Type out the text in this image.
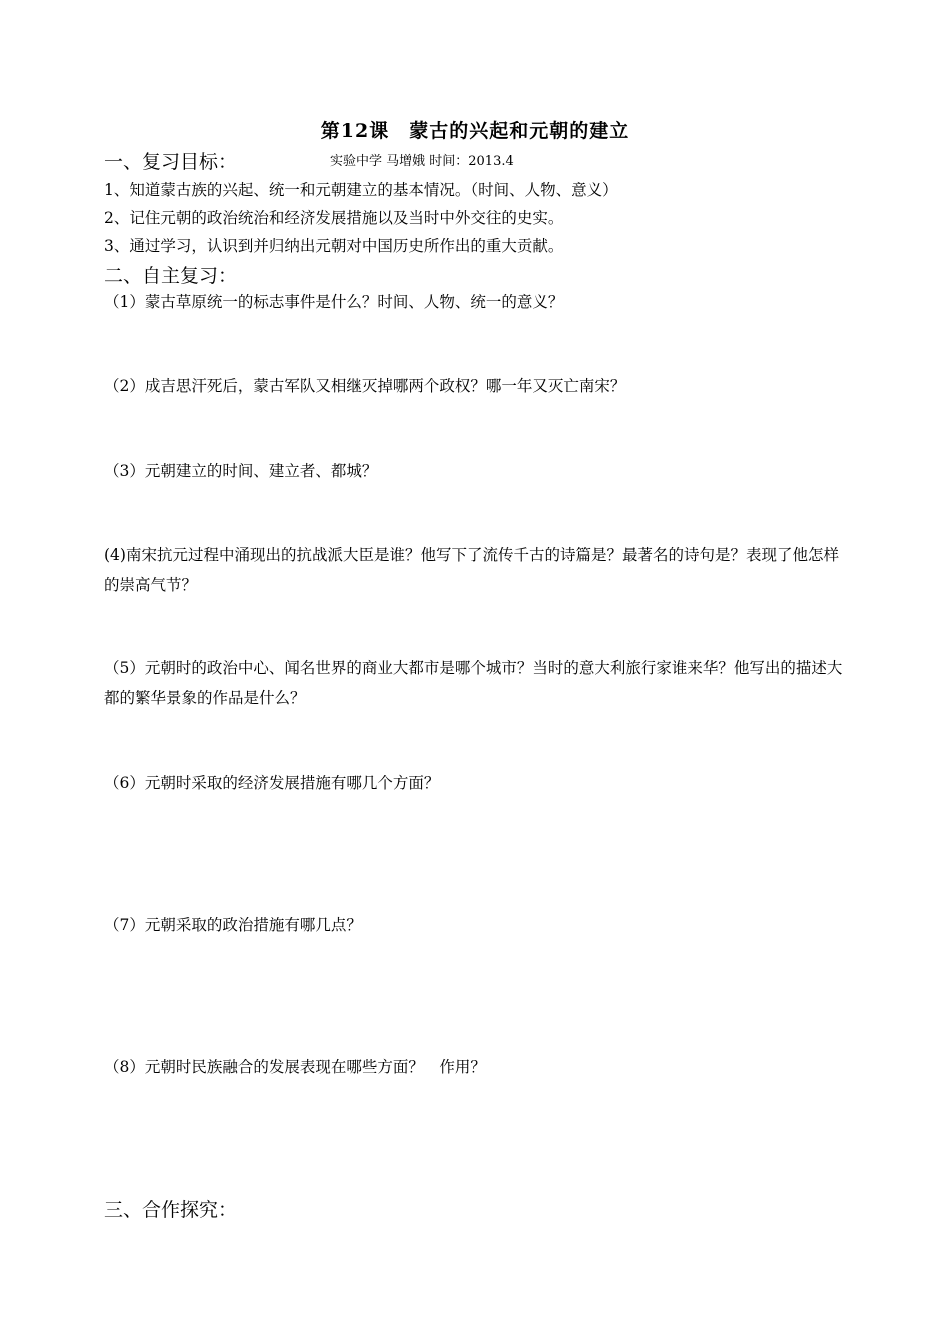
第12课　蒙古的兴起和元朝的建立
一、复习目标：	实验中学 马增娥 时间：2013.4
1、知道蒙古族的兴起、统一和元朝建立的基本情况。（时间、人物、意义）
2、记住元朝的政治统治和经济发展措施以及当时中外交往的史实。
3、通过学习，认识到并归纳出元朝对中国历史所作出的重大贡献。
二、自主复习：
（1）蒙古草原统一的标志事件是什么？时间、人物、统一的意义？
（2）成吉思汗死后，蒙古军队又相继灭掉哪两个政权？哪一年又灭亡南宋？
（3）元朝建立的时间、建立者、都城？
(4)南宋抗元过程中涌现出的抗战派大臣是谁？他写下了流传千古的诗篇是？最著名的诗句是？表现了他怎样的崇高气节？
（5）元朝时的政治中心、闻名世界的商业大都市是哪个城市？当时的意大利旅行家谁来华？他写出的描述大都的繁华景象的作品是什么？
（6）元朝时采取的经济发展措施有哪几个方面？
（7）元朝采取的政治措施有哪几点？
（8）元朝时民族融合的发展表现在哪些方面？　作用？
三、合作探究：
